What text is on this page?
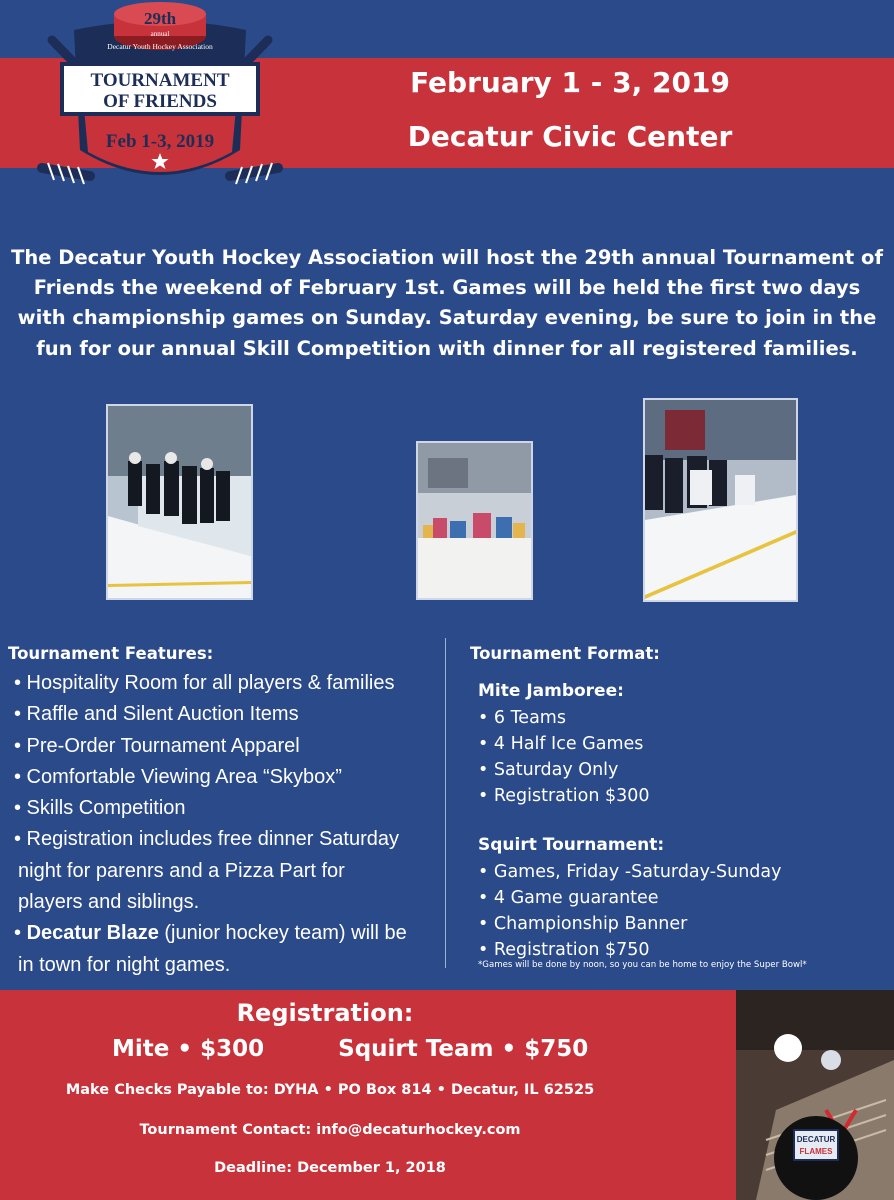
29th
annual
Decatur Youth Hockey Association
TOURNAMENT
OF FRIENDS
Feb 1-3, 2019
February 1 - 3, 2019
Decatur Civic Center
The Decatur Youth Hockey Association will host the 29th annual Tournament of
Friends the weekend of February 1st. Games will be held the first two days
with championship games on Sunday. Saturday evening, be sure to join in the
fun for our annual Skill Competition with dinner for all registered families.
Tournament Features:
• Hospitality Room for all players & families
• Raffle and Silent Auction Items
• Pre-Order Tournament Apparel
• Comfortable Viewing Area “Skybox”
• Skills Competition
• Registration includes free dinner Saturday
night for parenrs and a Pizza Part for
players and siblings.
• Decatur Blaze (junior hockey team) will be
in town for night games.
Tournament Format:
Mite Jamboree:
• 6 Teams
• 4 Half Ice Games
• Saturday Only
• Registration $300
Squirt Tournament:
• Games, Friday -Saturday-Sunday
• 4 Game guarantee
• Championship Banner
• Registration $750
*Games will be done by noon, so you can be home to enjoy the Super Bowl*
Registration:
Mite • $300	Squirt Team • $750
Make Checks Payable to: DYHA • PO Box 814 • Decatur, IL 62525
Tournament Contact: info@decaturhockey.com
Deadline: December 1, 2018
DECATUR
FLAMES
